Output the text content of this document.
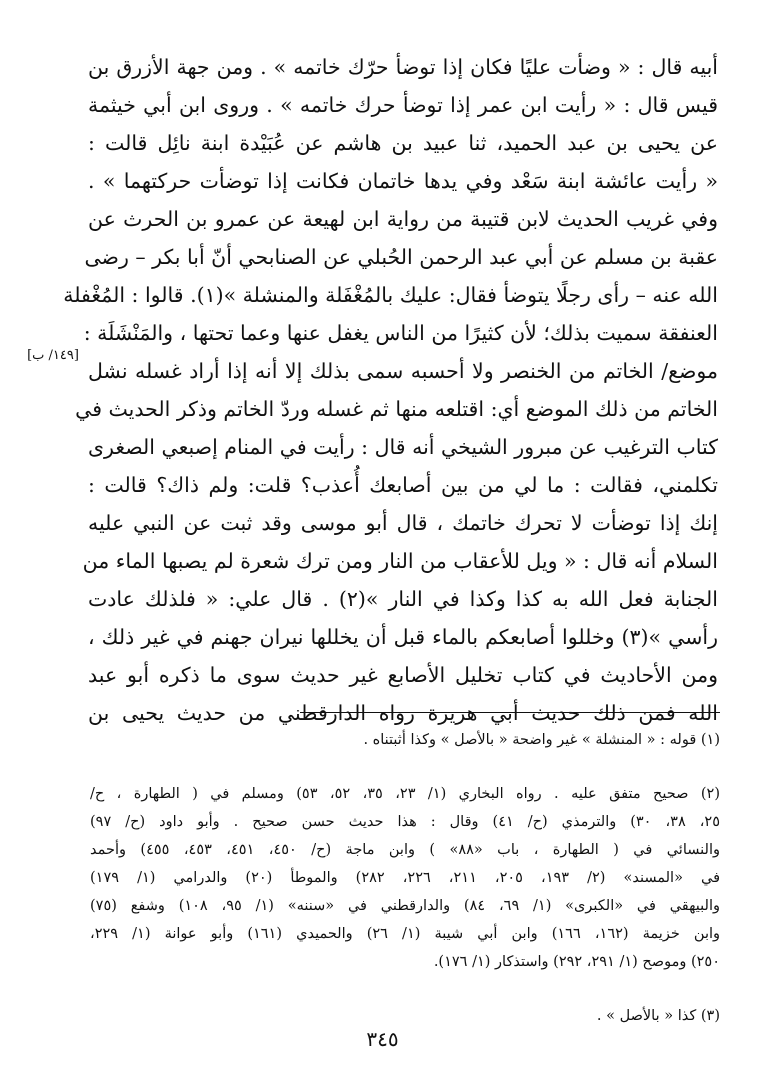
أبيه قال : « وضأت عليًا فكان إذا توضأ حرّك خاتمه » . ومن جهة الأزرق بن
قيس قال : « رأيت ابن عمر إذا توضأ حرك خاتمه » . وروى ابن أبي خيثمة
عن يحيى بن عبد الحميد، ثنا عبيد بن هاشم عن عُبَيْدة ابنة نائِل قالت :
« رأيت عائشة ابنة سَعْد وفي يدها خاتمان فكانت إذا توضأت حركتهما » .
وفي غريب الحديث لابن قتيبة من رواية ابن لهيعة عن عمرو بن الحرث عن
عقبة بن مسلم عن أبي عبد الرحمن الحُبلي عن الصنابحي أنّ أبا بكر – رضى
الله عنه – رأى رجلًا يتوضأ فقال: عليك بالمُغْفَلة والمنشلة »(١). قالوا : المُغْفلة
العنفقة سميت بذلك؛ لأن كثيرًا من الناس يغفل عنها وعما تحتها ، والمَنْشَلَة :
موضع/ الخاتم من الخنصر ولا أحسبه سمى بذلك إلا أنه إذا أراد غسله نشل
الخاتم من ذلك الموضع أي: اقتلعه منها ثم غسله وردّ الخاتم وذكر الحديث في
كتاب الترغيب عن مبرور الشيخي أنه قال : رأيت في المنام إصبعي الصغرى
تكلمني، فقالت : ما لي من بين أصابعك أُعذب؟ قلت: ولم ذاك؟ قالت :
إنك إذا توضأت لا تحرك خاتمك ، قال أبو موسى وقد ثبت عن النبي عليه
السلام أنه قال : « ويل للأعقاب من النار ومن ترك شعرة لم يصبها الماء من
الجنابة فعل الله به كذا وكذا في النار »(٢) . قال علي: « فلذلك عادت
رأسي »(٣) وخللوا أصابعكم بالماء قبل أن يخللها نيران جهنم في غير ذلك ،
ومن الأحاديث في كتاب تخليل الأصابع غير حديث سوى ما ذكره أبو عبد
الله فمن ذلك حديث أبي هريرة رواه الدارقطني من حديث يحيى بن
[١٤٩/ ب]
(١) قوله : « المنشلة » غير واضحة « بالأصل » وكذا أثبتناه .
(٢) صحيح متفق عليه . رواه البخاري (١/ ٢٣، ٣٥، ٥٢، ٥٣) ومسلم في ( الطهارة ، ح/
٢٥، ٣٨، ٣٠) والترمذي (ح/ ٤١) وقال : هذا حديث حسن صحيح . وأبو داود (ح/ ٩٧)
والنسائي في ( الطهارة ، باب «٨٨» ) وابن ماجة (ح/ ٤٥٠، ٤٥١، ٤٥٣، ٤٥٥) وأحمد
في «المسند» (٢/ ١٩٣، ٢٠٥، ٢١١، ٢٢٦، ٢٨٢) والموطأ (٢٠) والدرامي (١/ ١٧٩)
والبيهقي في «الكبرى» (١/ ٦٩، ٨٤) والدارقطني في «سننه» (١/ ٩٥، ١٠٨) وشفع (٧٥)
وابن خزيمة (١٦٢، ١٦٦) وابن أبي شيبة (١/ ٢٦) والحميدي (١٦١) وأبو عوانة (١/ ٢٢٩،
٢٥٠) وموصح (١/ ٢٩١، ٢٩٢) واستذكار (١/ ١٧٦).
(٣) كذا « بالأصل » .
٣٤٥
